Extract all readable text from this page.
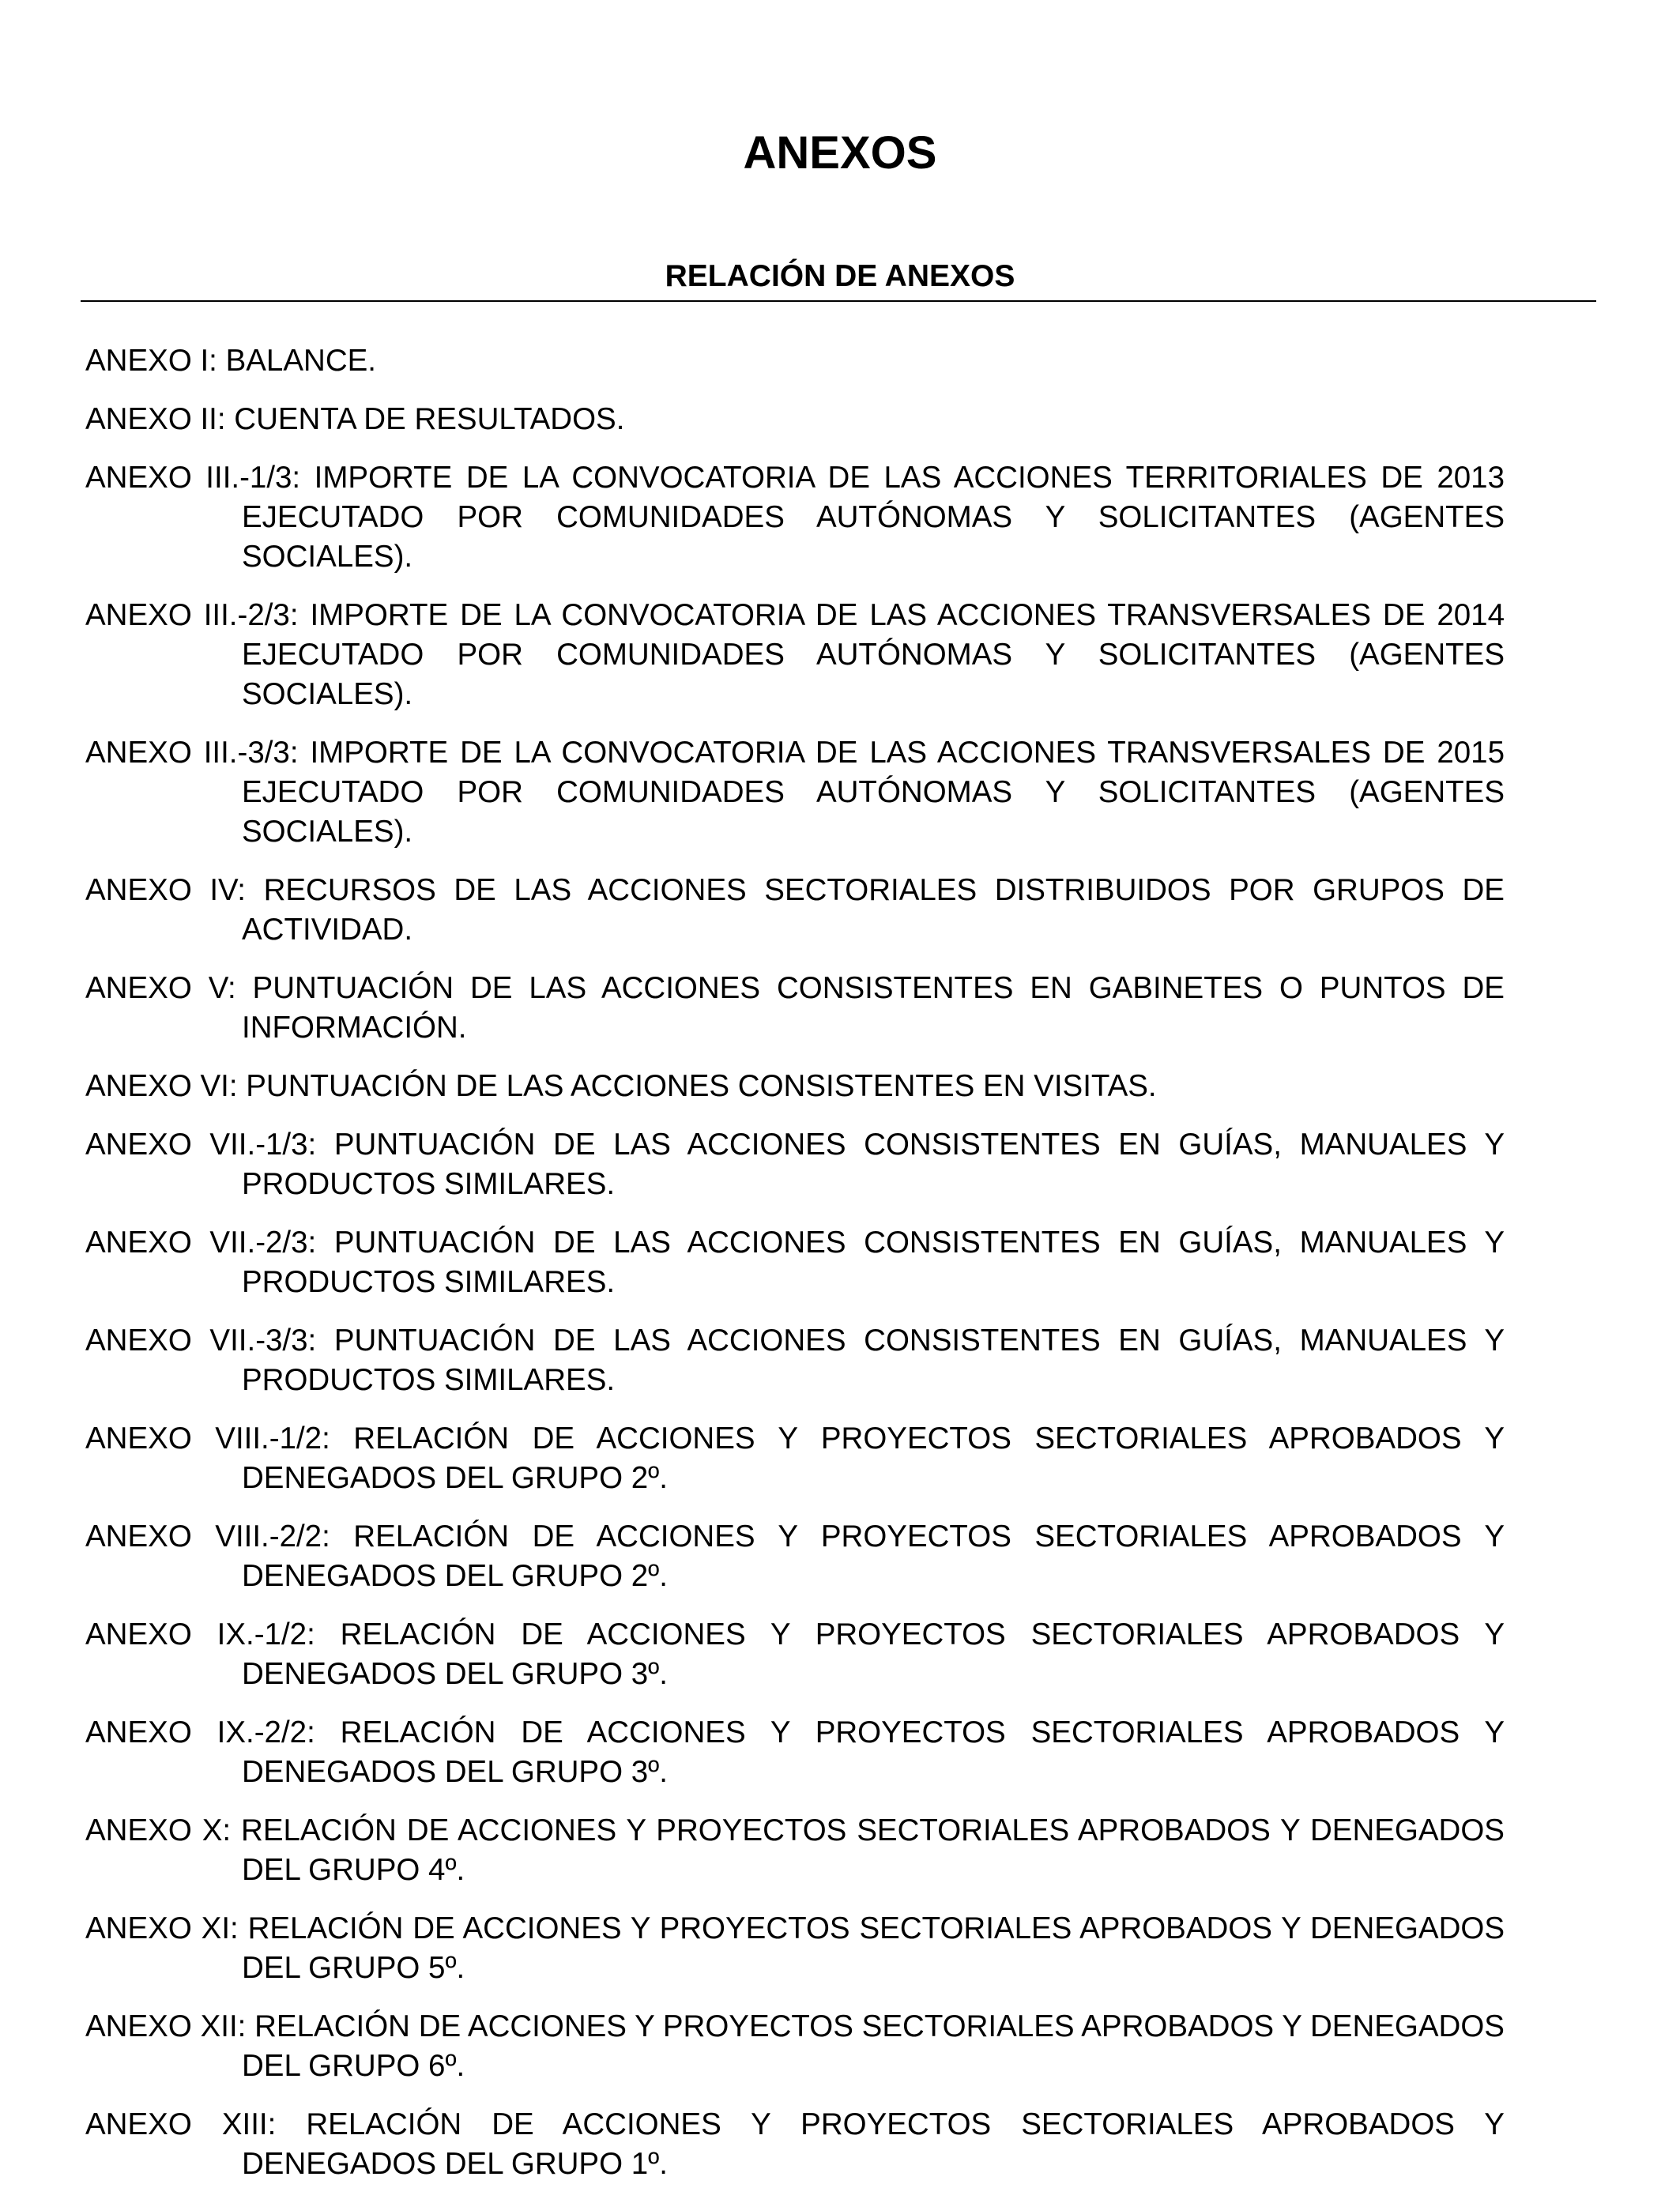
ANEXOS
RELACIÓN DE ANEXOS
ANEXO I: BALANCE.
ANEXO II: CUENTA DE RESULTADOS.
ANEXO III.-1/3: IMPORTE DE LA CONVOCATORIA DE LAS ACCIONES TERRITORIALES DE 2013 EJECUTADO POR COMUNIDADES AUTÓNOMAS Y SOLICITANTES (AGENTES SOCIALES).
ANEXO III.-2/3: IMPORTE DE LA CONVOCATORIA DE LAS ACCIONES TRANSVERSALES DE 2014 EJECUTADO POR COMUNIDADES AUTÓNOMAS Y SOLICITANTES (AGENTES SOCIALES).
ANEXO III.-3/3: IMPORTE DE LA CONVOCATORIA DE LAS ACCIONES TRANSVERSALES DE 2015 EJECUTADO POR COMUNIDADES AUTÓNOMAS Y SOLICITANTES (AGENTES SOCIALES).
ANEXO IV: RECURSOS DE LAS ACCIONES SECTORIALES DISTRIBUIDOS POR GRUPOS DE ACTIVIDAD.
ANEXO V: PUNTUACIÓN DE LAS ACCIONES CONSISTENTES EN GABINETES O PUNTOS DE INFORMACIÓN.
ANEXO VI: PUNTUACIÓN DE LAS ACCIONES CONSISTENTES EN VISITAS.
ANEXO VII.-1/3: PUNTUACIÓN DE LAS ACCIONES CONSISTENTES EN GUÍAS, MANUALES Y PRODUCTOS SIMILARES.
ANEXO VII.-2/3: PUNTUACIÓN DE LAS ACCIONES CONSISTENTES EN GUÍAS, MANUALES Y PRODUCTOS SIMILARES.
ANEXO VII.-3/3: PUNTUACIÓN DE LAS ACCIONES CONSISTENTES EN GUÍAS, MANUALES Y PRODUCTOS SIMILARES.
ANEXO VIII.-1/2: RELACIÓN DE ACCIONES Y PROYECTOS SECTORIALES APROBADOS Y DENEGADOS DEL GRUPO 2º.
ANEXO VIII.-2/2: RELACIÓN DE ACCIONES Y PROYECTOS SECTORIALES APROBADOS Y DENEGADOS DEL GRUPO 2º.
ANEXO IX.-1/2: RELACIÓN DE ACCIONES Y PROYECTOS SECTORIALES APROBADOS Y DENEGADOS DEL GRUPO 3º.
ANEXO IX.-2/2: RELACIÓN DE ACCIONES Y PROYECTOS SECTORIALES APROBADOS Y DENEGADOS DEL GRUPO 3º.
ANEXO X: RELACIÓN DE ACCIONES Y PROYECTOS SECTORIALES APROBADOS Y DENEGADOS DEL GRUPO 4º.
ANEXO XI: RELACIÓN DE ACCIONES Y PROYECTOS SECTORIALES APROBADOS Y DENEGADOS DEL GRUPO 5º.
ANEXO XII: RELACIÓN DE ACCIONES Y PROYECTOS SECTORIALES APROBADOS Y DENEGADOS DEL GRUPO 6º.
ANEXO XIII: RELACIÓN DE ACCIONES Y PROYECTOS SECTORIALES APROBADOS Y DENEGADOS DEL GRUPO 1º.
